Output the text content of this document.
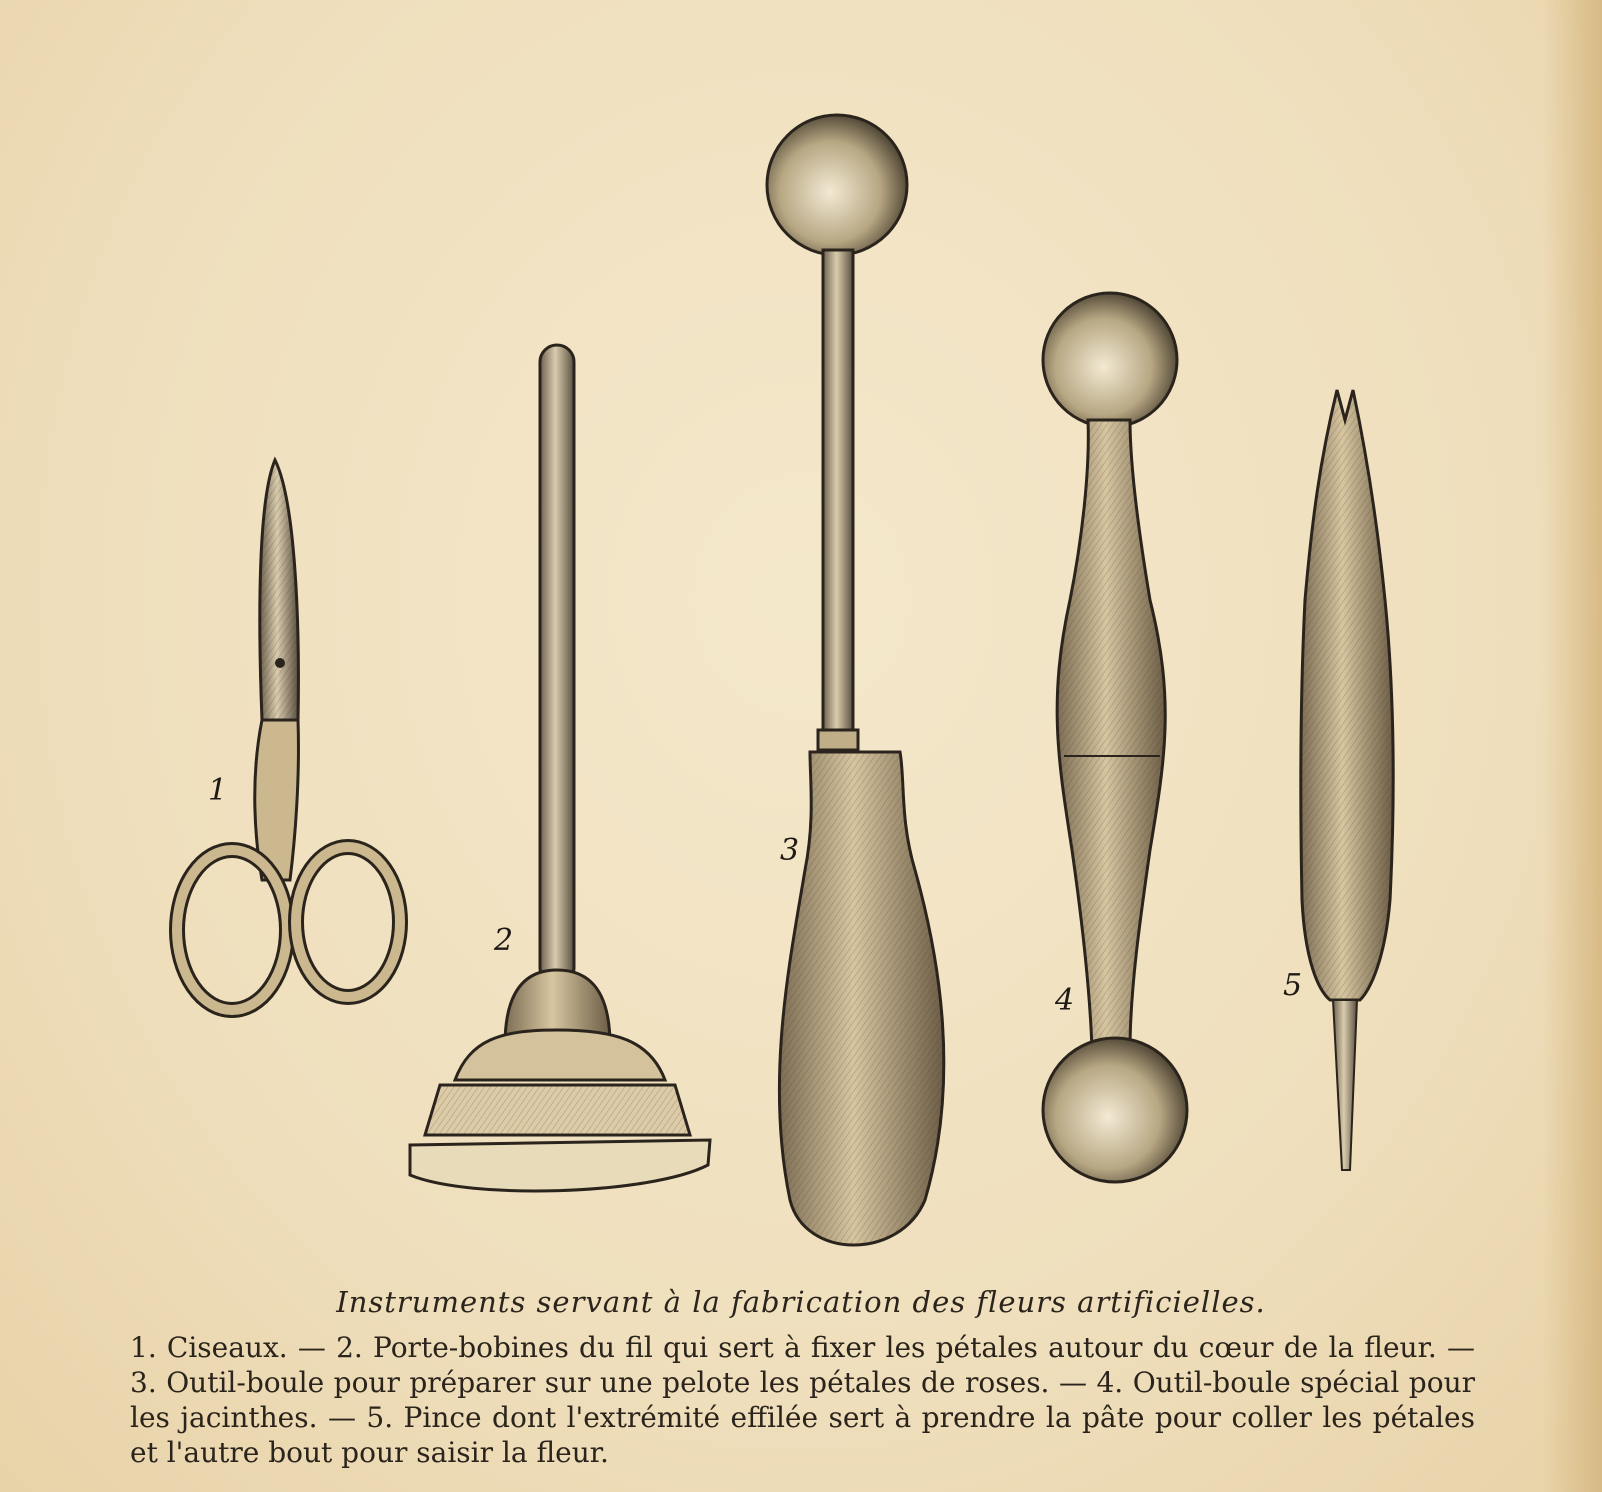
1
2
3
4	5
Instruments servant à la fabrication des fleurs artificielles.
1. Ciseaux. — 2. Porte-bobines du fil qui sert à fixer les pétales autour du cœur de la fleur. — 3. Outil-boule pour préparer sur une pelote les pétales de roses. — 4. Outil-boule spécial pour les jacinthes. — 5. Pince dont l'extrémité effilée sert à prendre la pâte pour coller les pétales et l'autre bout pour saisir la fleur.
